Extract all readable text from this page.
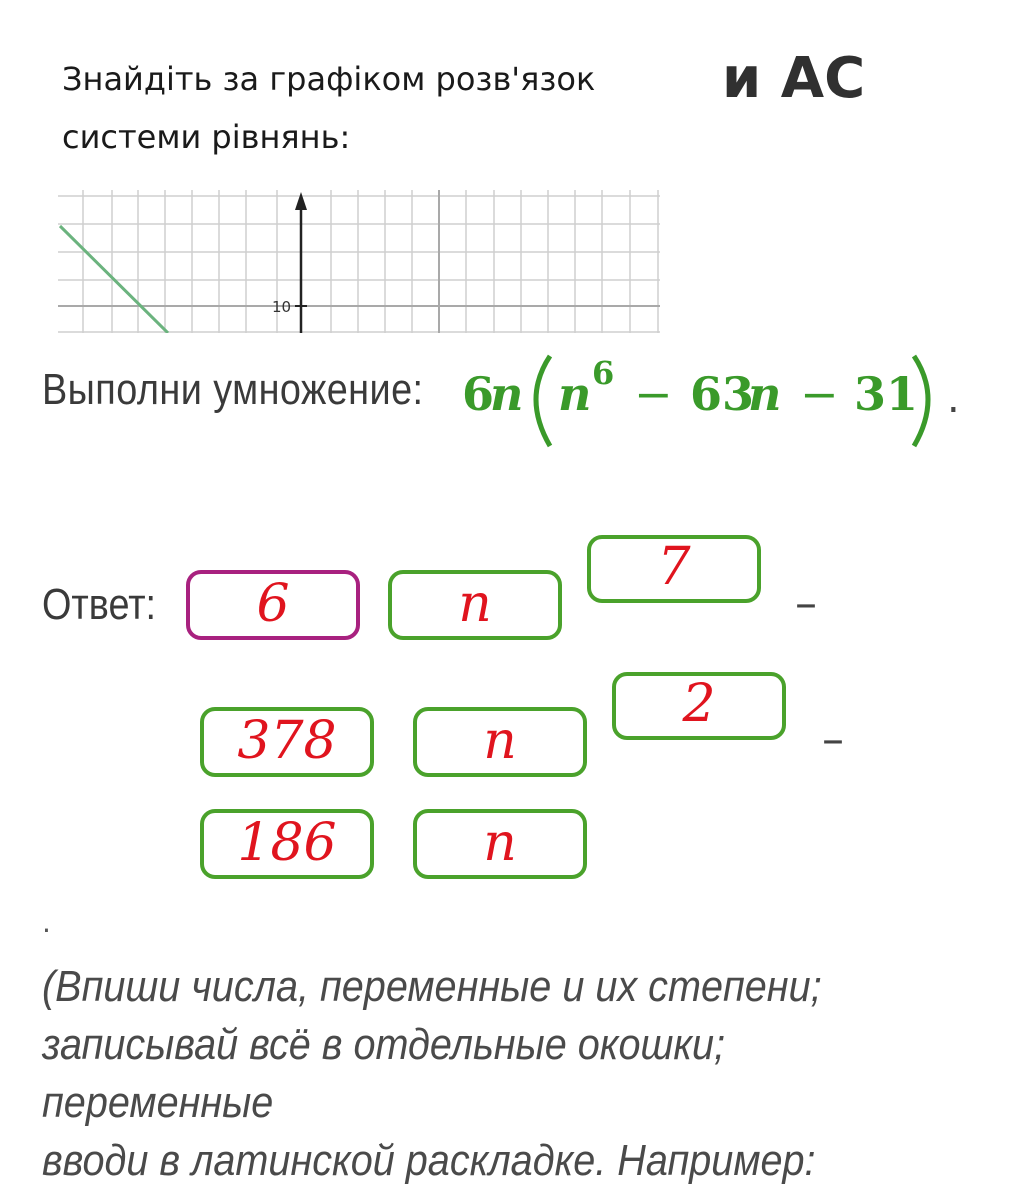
Знайдіть за графіком розв'язок
системи рівнянь:
и АС
10
Выполни умножение: 6
n n 6 − 63
n − 31 .
Ответ:	6	n
7
–
378	n
2
–
186	n
.
(Впиши числа, переменные и их степени;
записывай всё в отдельные окошки; переменные
вводи в латинской раскладке. Например:
